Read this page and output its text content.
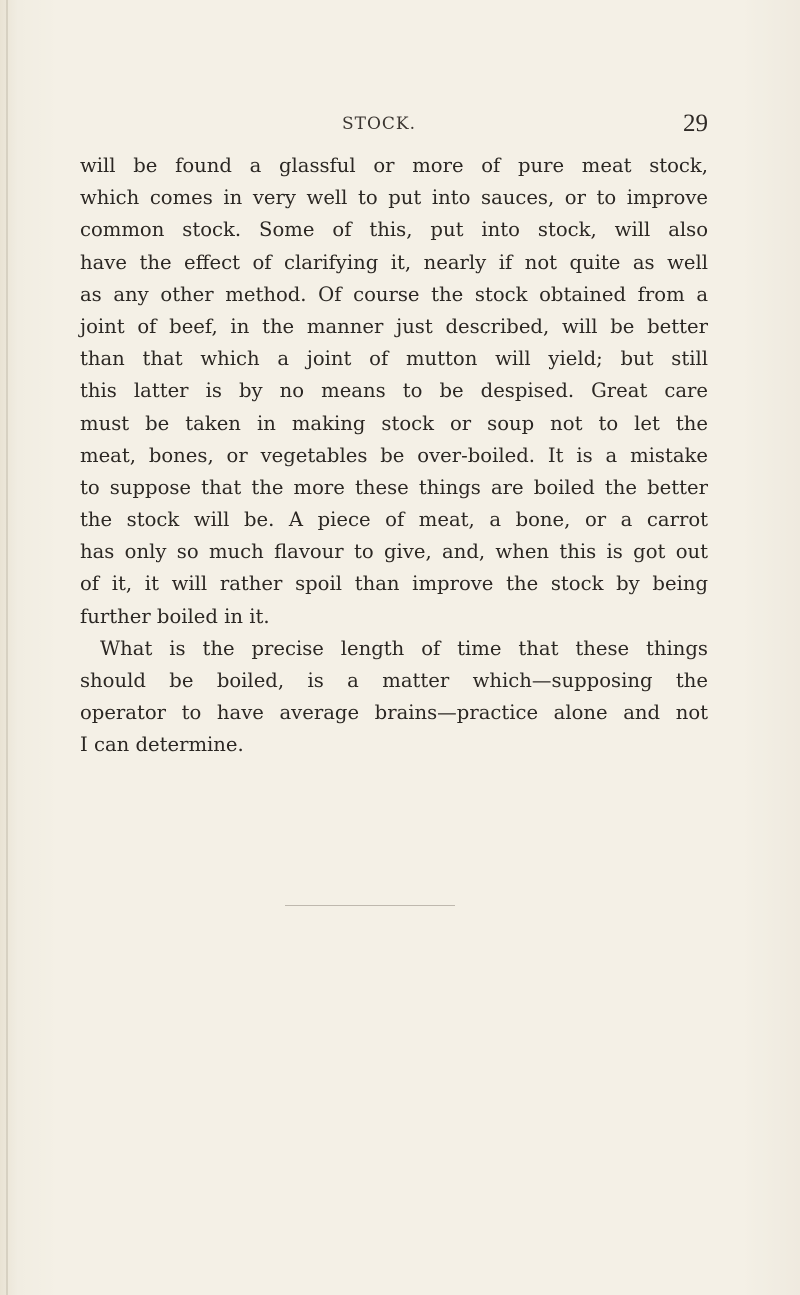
STOCK.	29
will be found a glassful or more of pure meat stock,
which comes in very well to put into sauces, or to improve
common stock. Some of this, put into stock, will also
have the effect of clarifying it, nearly if not quite as well
as any other method. Of course the stock obtained from a
joint of beef, in the manner just described, will be better
than that which a joint of mutton will yield; but still
this latter is by no means to be despised. Great care
must be taken in making stock or soup not to let the
meat, bones, or vegetables be over-boiled. It is a mistake
to suppose that the more these things are boiled the better
the stock will be. A piece of meat, a bone, or a carrot
has only so much flavour to give, and, when this is got out
of it, it will rather spoil than improve the stock by being
further boiled in it.
What is the precise length of time that these things
should be boiled, is a matter which—supposing the
operator to have average brains—practice alone and not
I can determine.
